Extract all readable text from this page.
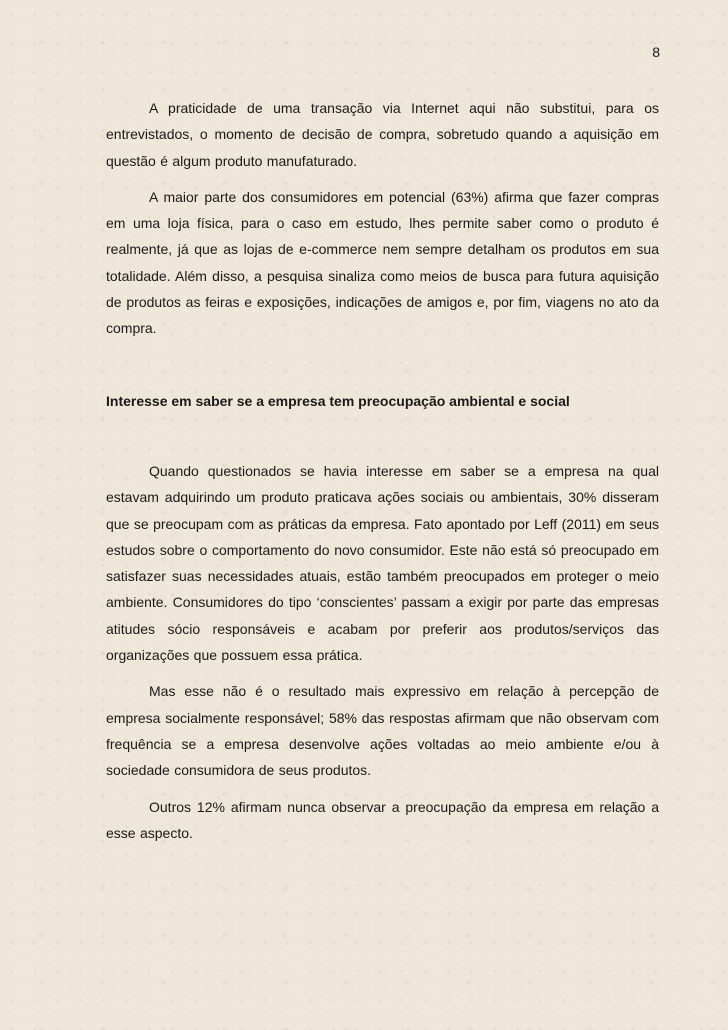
8

A praticidade de uma transação via Internet aqui não substitui, para os entrevistados, o momento de decisão de compra, sobretudo quando a aquisição em questão é algum produto manufaturado.

A maior parte dos consumidores em potencial (63%) afirma que fazer compras em uma loja física, para o caso em estudo, lhes permite saber como o produto é realmente, já que as lojas de e-commerce nem sempre detalham os produtos em sua totalidade. Além disso, a pesquisa sinaliza como meios de busca para futura aquisição de produtos as feiras e exposições, indicações de amigos e, por fim, viagens no ato da compra.

Interesse em saber se a empresa tem preocupação ambiental e social

Quando questionados se havia interesse em saber se a empresa na qual estavam adquirindo um produto praticava ações sociais ou ambientais, 30% disseram que se preocupam com as práticas da empresa. Fato apontado por Leff (2011) em seus estudos sobre o comportamento do novo consumidor. Este não está só preocupado em satisfazer suas necessidades atuais, estão também preocupados em proteger o meio ambiente. Consumidores do tipo ‘conscientes’ passam a exigir por parte das empresas atitudes sócio responsáveis e acabam por preferir aos produtos/serviços das organizações que possuem essa prática.

Mas esse não é o resultado mais expressivo em relação à percepção de empresa socialmente responsável; 58% das respostas afirmam que não observam com frequência se a empresa desenvolve ações voltadas ao meio ambiente e/ou à sociedade consumidora de seus produtos.

Outros 12% afirmam nunca observar a preocupação da empresa em relação a esse aspecto.
